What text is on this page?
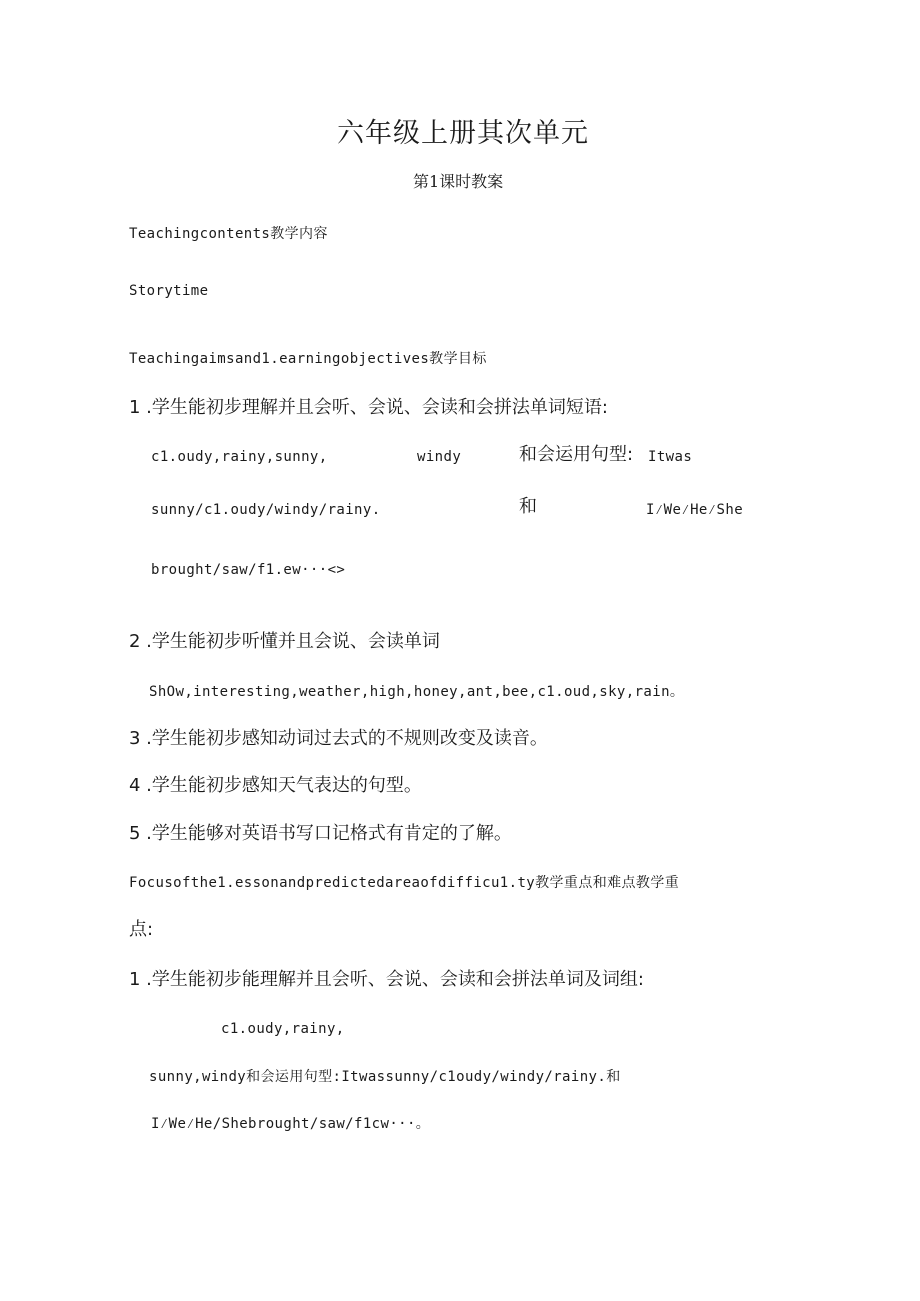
六年级上册其次单元
第1课时教案
Teachingcontents教学内容
Storytime
Teachingaimsand1.earningobjectives教学目标
1 .学生能初步理解并且会听、会说、会读和会拼法单词短语:
c1.oudy,rainy,sunny,	windy	和会运用句型: Itwas
sunny/c1.oudy/windy/rainy.	和	I⁄We⁄He⁄She
brought/saw/f1.ew···<>
2 .学生能初步听懂并且会说、会读单词
ShOw,interesting,weather,high,honey,ant,bee,c1.oud,sky,rain。
3 .学生能初步感知动词过去式的不规则改变及读音。
4 .学生能初步感知天气表达的句型。
5 .学生能够对英语书写口记格式有肯定的了解。
Focusofthe1.essonandpredictedareaofdifficu1.ty教学重点和难点教学重
点:
1 .学生能初步能理解并且会听、会说、会读和会拼法单词及词组:
c1.oudy,rainy,
sunny,windy和会运用句型:Itwassunny/c1oudy/windy/rainy.和
I⁄We⁄He/Shebrought/saw/f1cw···。
